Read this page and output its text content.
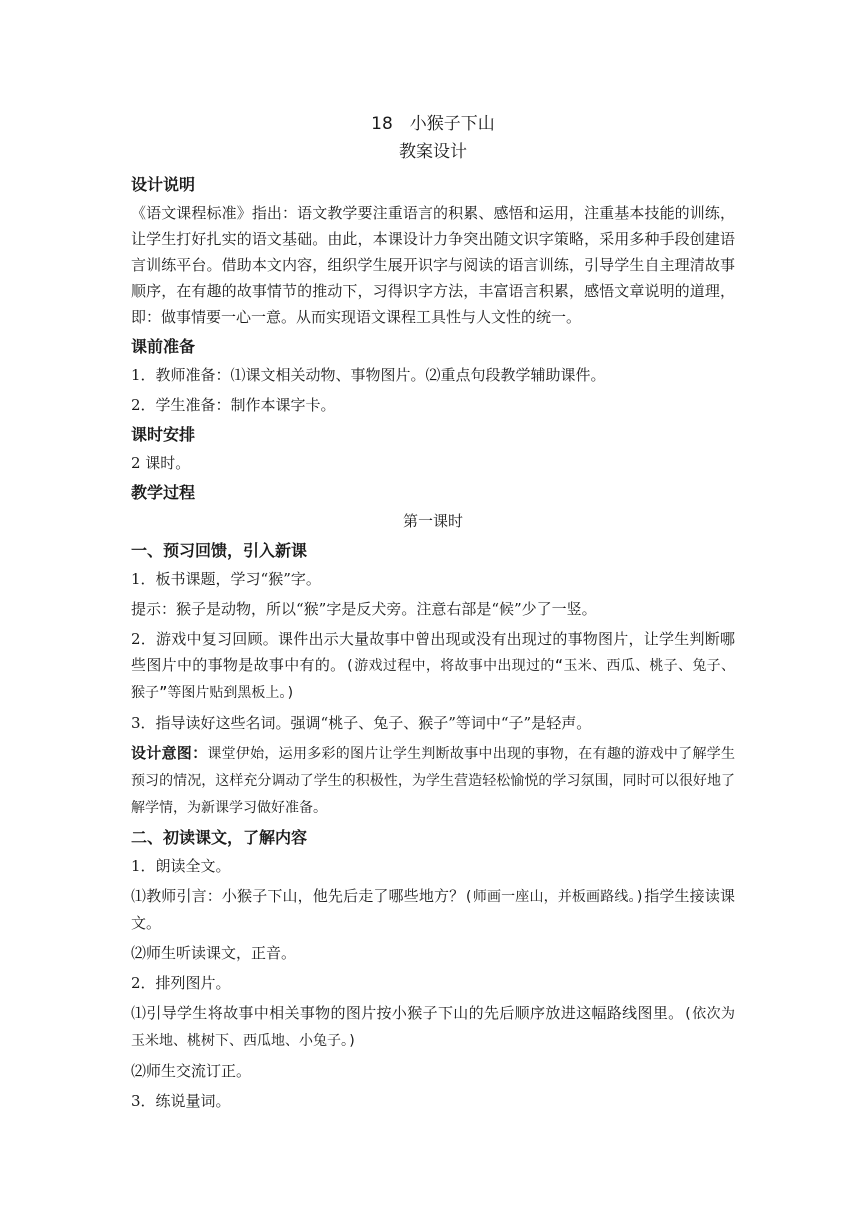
18　小猴子下山

教案设计

设计说明

《语文课程标准》指出：语文教学要注重语言的积累、感悟和运用，注重基本技能的训练，让学生打好扎实的语文基础。由此，本课设计力争突出随文识字策略，采用多种手段创建语言训练平台。借助本文内容，组织学生展开识字与阅读的语言训练，引导学生自主理清故事顺序，在有趣的故事情节的推动下，习得识字方法，丰富语言积累，感悟文章说明的道理，即：做事情要一心一意。从而实现语文课程工具性与人文性的统一。

课前准备

1．教师准备：⑴课文相关动物、事物图片。⑵重点句段教学辅助课件。

2．学生准备：制作本课字卡。

课时安排

2 课时。

教学过程

第一课时

一、预习回馈，引入新课

1．板书课题，学习“猴”字。

提示：猴子是动物，所以“猴”字是反犬旁。注意右部是“候”少了一竖。

2．游戏中复习回顾。课件出示大量故事中曾出现或没有出现过的事物图片，让学生判断哪些图片中的事物是故事中有的。(游戏过程中，将故事中出现过的“玉米、西瓜、桃子、兔子、猴子”等图片贴到黑板上。)

3．指导读好这些名词。强调“桃子、兔子、猴子”等词中“子”是轻声。

设计意图：课堂伊始，运用多彩的图片让学生判断故事中出现的事物，在有趣的游戏中了解学生预习的情况，这样充分调动了学生的积极性，为学生营造轻松愉悦的学习氛围，同时可以很好地了解学情，为新课学习做好准备。

二、初读课文，了解内容

1．朗读全文。

⑴教师引言：小猴子下山，他先后走了哪些地方？(师画一座山，并板画路线。)指学生接读课文。

⑵师生听读课文，正音。

2．排列图片。

⑴引导学生将故事中相关事物的图片按小猴子下山的先后顺序放进这幅路线图里。(依次为玉米地、桃树下、西瓜地、小兔子。)

⑵师生交流订正。

3．练说量词。
